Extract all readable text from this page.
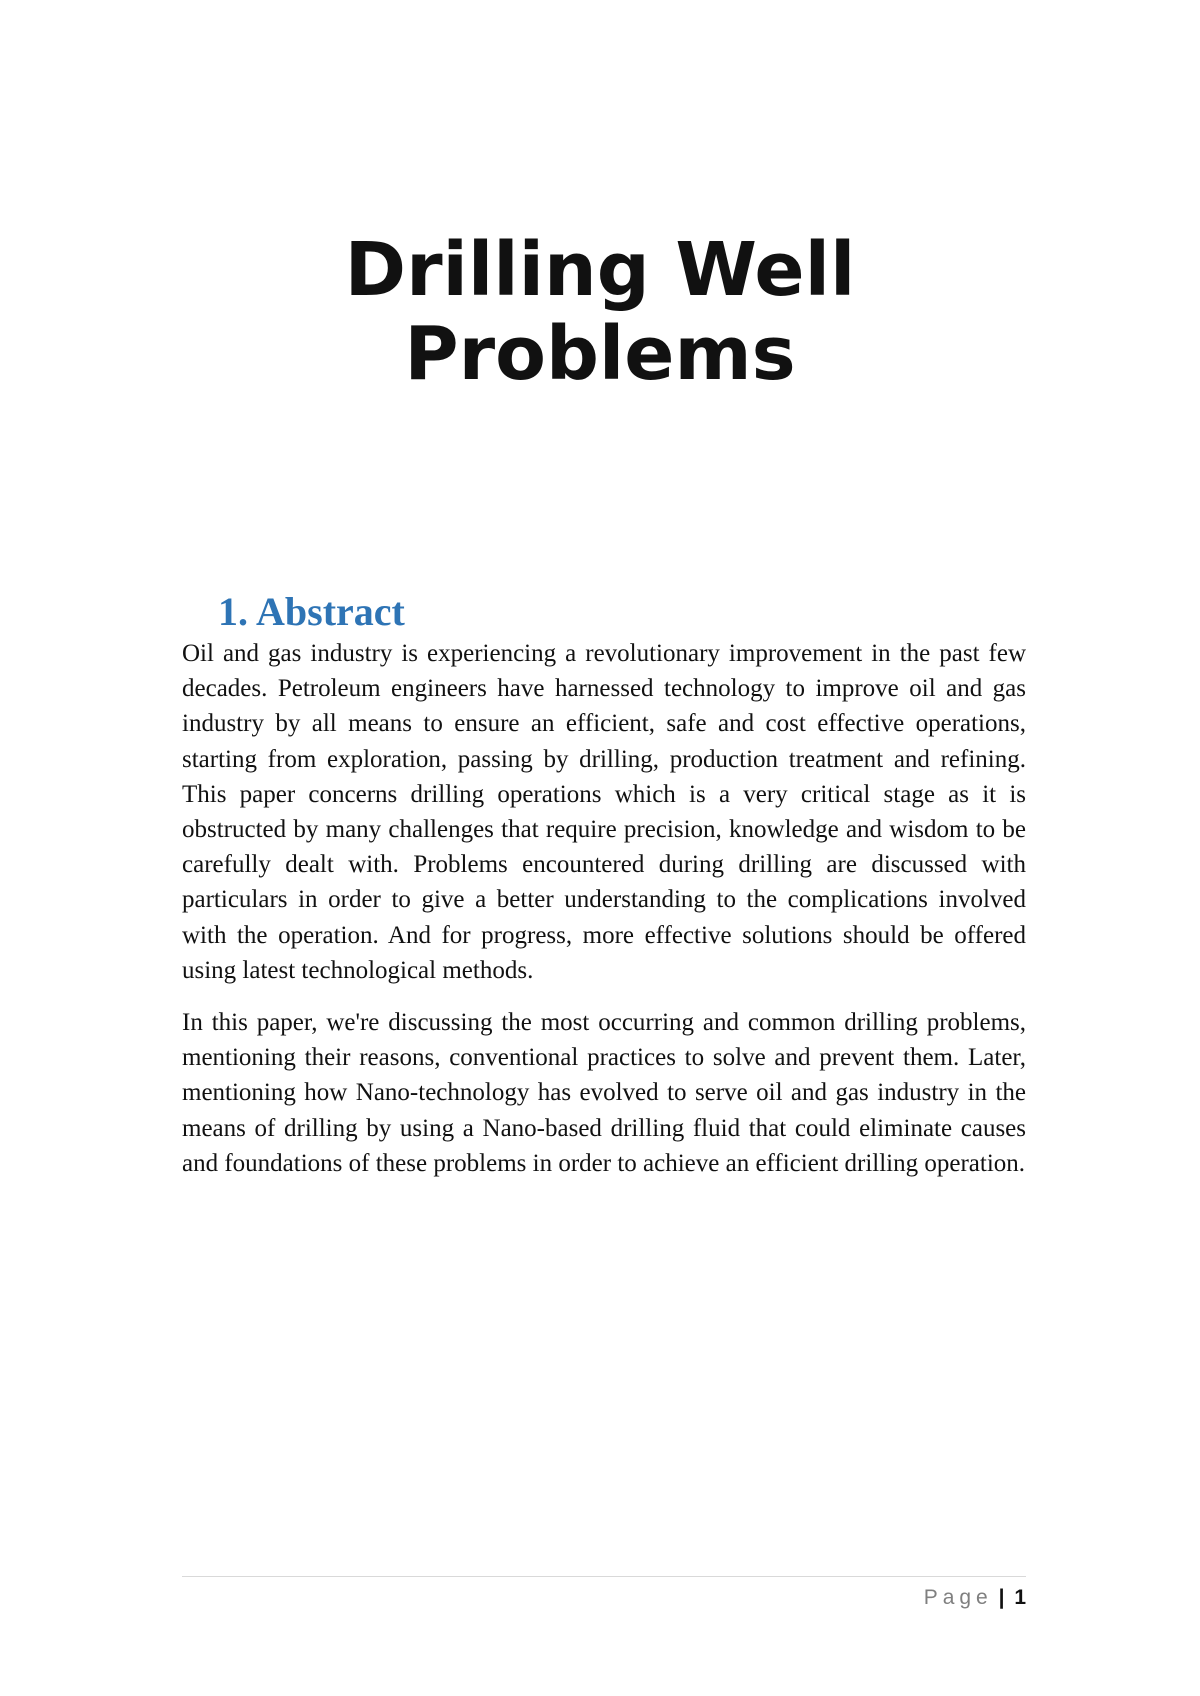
Drilling Well
Problems
1. Abstract

Oil and gas industry is experiencing a revolutionary improvement in the past few decades. Petroleum engineers have harnessed technology to improve oil and gas industry by all means to ensure an efficient, safe and cost effective operations, starting from exploration, passing by drilling, production treatment and refining. This paper concerns drilling operations which is a very critical stage as it is obstructed by many challenges that require precision, knowledge and wisdom to be carefully dealt with. Problems encountered during drilling are discussed with particulars in order to give a better understanding to the complications involved with the operation. And for progress, more effective solutions should be offered using latest technological methods.

In this paper, we're discussing the most occurring and common drilling problems, mentioning their reasons, conventional practices to solve and prevent them. Later, mentioning how Nano-technology has evolved to serve oil and gas industry in the means of drilling by using a Nano-based drilling fluid that could eliminate causes and foundations of these problems in order to achieve an efficient drilling operation.

Page | 1
